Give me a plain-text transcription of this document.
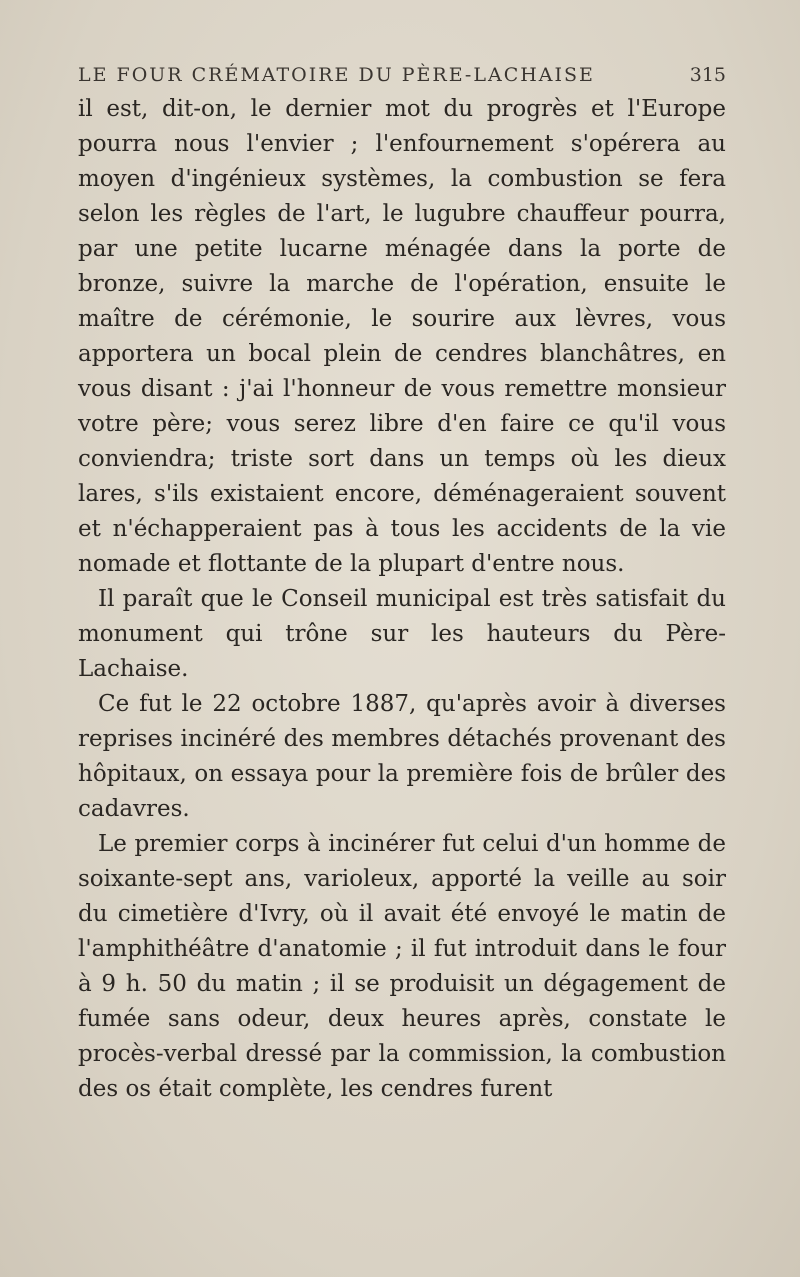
LE FOUR CRÉMATOIRE DU PÈRE-LACHAISE	315

il est, dit-on, le dernier mot du progrès et l'Europe pourra nous l'envier ; l'enfournement s'opérera au moyen d'ingénieux systèmes, la combustion se fera selon les règles de l'art, le lugubre chauffeur pourra, par une petite lucarne ménagée dans la porte de bronze, suivre la marche de l'opération, ensuite le maître de cérémonie, le sourire aux lèvres, vous apportera un bocal plein de cendres blanchâtres, en vous disant : j'ai l'honneur de vous remettre monsieur votre père; vous serez libre d'en faire ce qu'il vous conviendra; triste sort dans un temps où les dieux lares, s'ils existaient encore, déménageraient souvent et n'échapperaient pas à tous les accidents de la vie nomade et flottante de la plupart d'entre nous.

Il paraît que le Conseil municipal est très satisfait du monument qui trône sur les hauteurs du Père-Lachaise.

Ce fut le 22 octobre 1887, qu'après avoir à diverses reprises incinéré des membres détachés provenant des hôpitaux, on essaya pour la première fois de brûler des cadavres.

Le premier corps à incinérer fut celui d'un homme de soixante-sept ans, varioleux, apporté la veille au soir du cimetière d'Ivry, où il avait été envoyé le matin de l'amphithéâtre d'anatomie ; il fut introduit dans le four à 9 h. 50 du matin ; il se produisit un dégagement de fumée sans odeur, deux heures après, constate le procès-verbal dressé par la commission, la combustion des os était complète, les cendres furent
